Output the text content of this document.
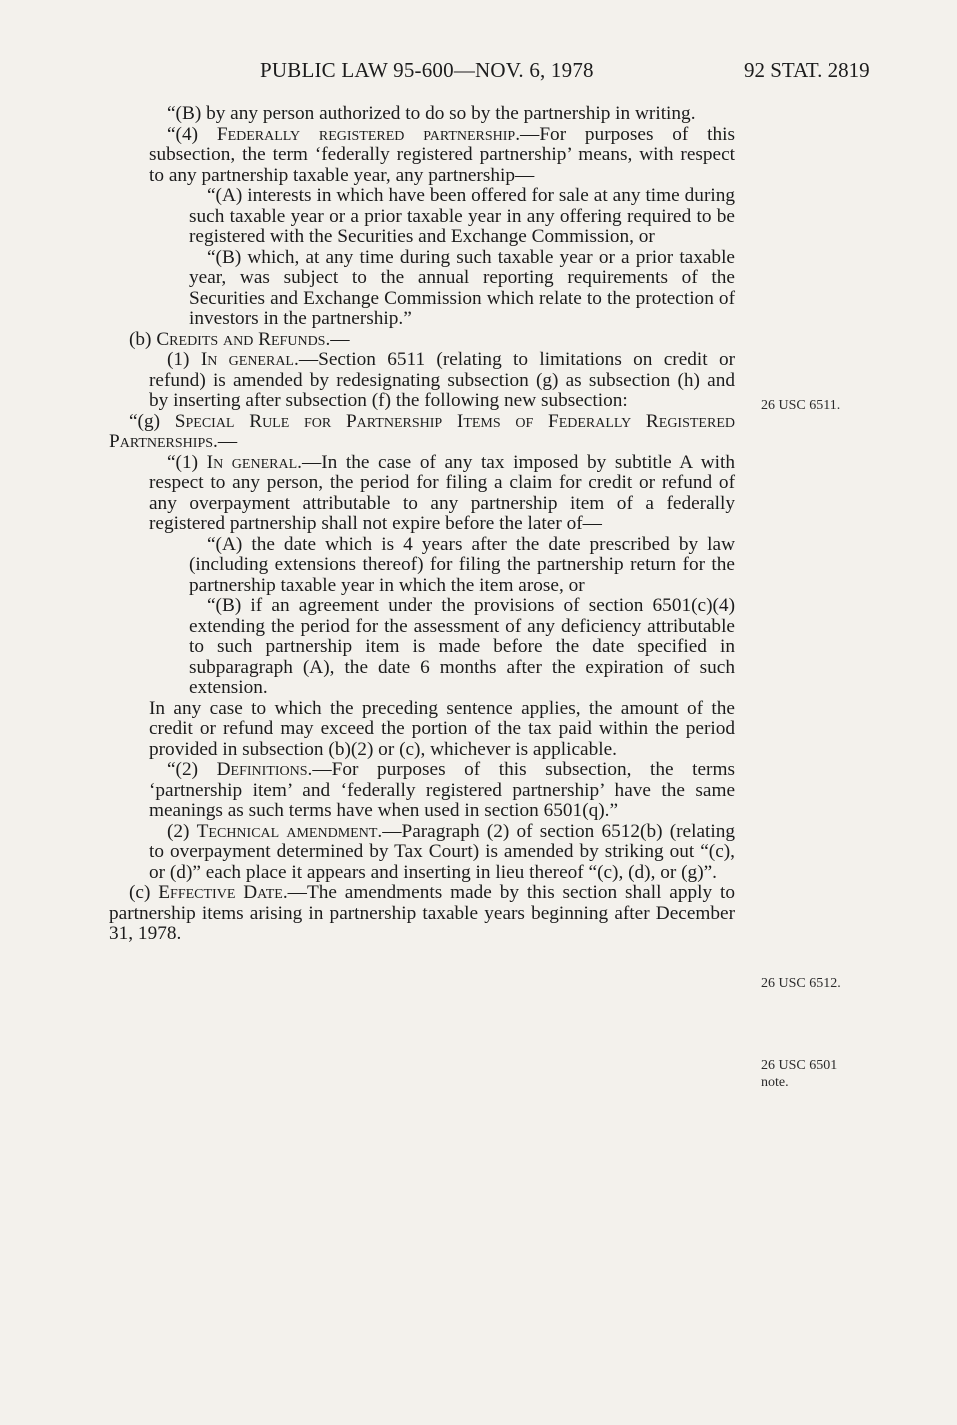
PUBLIC LAW 95-600—NOV. 6, 1978	92 STAT. 2819

“(B) by any person authorized to do so by the partnership in writing.

“(4) Federally registered partnership.—For purposes of this subsection, the term ‘federally registered partnership’ means, with respect to any partnership taxable year, any partnership—

“(A) interests in which have been offered for sale at any time during such taxable year or a prior taxable year in any offering required to be registered with the Securities and Exchange Commission, or

“(B) which, at any time during such taxable year or a prior taxable year, was subject to the annual reporting requirements of the Securities and Exchange Commission which relate to the protection of investors in the partnership.”

(b) Credits and Refunds.—

(1) In general.—Section 6511 (relating to limitations on credit or refund) is amended by redesignating subsection (g) as subsection (h) and by inserting after subsection (f) the following new subsection:

“(g) Special Rule for Partnership Items of Federally Registered Partnerships.—

“(1) In general.—In the case of any tax imposed by subtitle A with respect to any person, the period for filing a claim for credit or refund of any overpayment attributable to any partnership item of a federally registered partnership shall not expire before the later of—

“(A) the date which is 4 years after the date prescribed by law (including extensions thereof) for filing the partnership return for the partnership taxable year in which the item arose, or

“(B) if an agreement under the provisions of section 6501(c)(4) extending the period for the assessment of any deficiency attributable to such partnership item is made before the date specified in subparagraph (A), the date 6 months after the expiration of such extension.

In any case to which the preceding sentence applies, the amount of the credit or refund may exceed the portion of the tax paid within the period provided in subsection (b)(2) or (c), whichever is applicable.

“(2) Definitions.—For purposes of this subsection, the terms ‘partnership item’ and ‘federally registered partnership’ have the same meanings as such terms have when used in section 6501(q).”

(2) Technical amendment.—Paragraph (2) of section 6512(b) (relating to overpayment determined by Tax Court) is amended by striking out “(c), or (d)” each place it appears and inserting in lieu thereof “(c), (d), or (g)”.

(c) Effective Date.—The amendments made by this section shall apply to partnership items arising in partnership taxable years beginning after December 31, 1978.

26 USC 6511.
26 USC 6512.
26 USC 6501
note.
